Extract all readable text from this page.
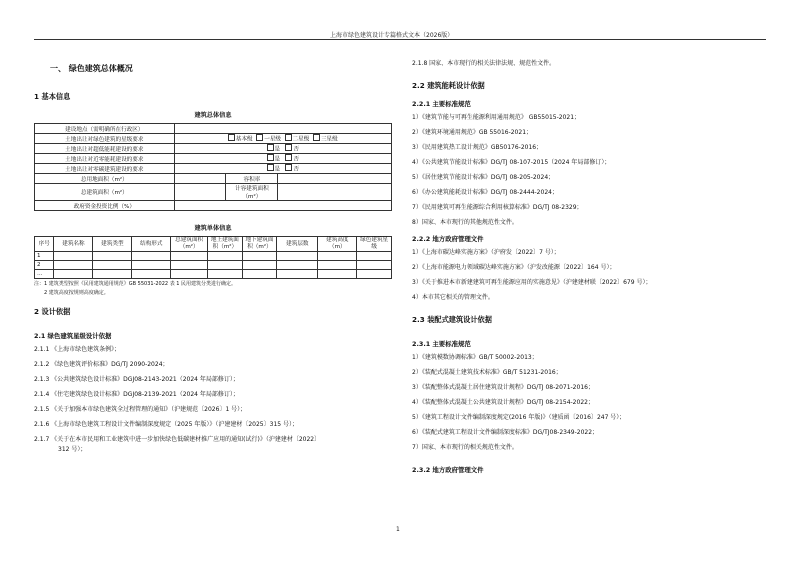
上海市绿色建筑设计专篇格式文本（2026版）
一、 绿色建筑总体概况
1 基本信息
建筑总体信息
建设地点（需明确所在行政区）			
土地出让对绿色建筑的星级要求	基本级 一星级 二星级 三星级		
土地出让对超低能耗建设的要求	是 否		
土地出让对近零能耗建设的要求	是 否		
土地出让对零碳建筑建设的要求	是 否		
总用地面积（m²）		容积率	
总建筑面积（m²）		计容建筑面积（m²）	
政府资金投资比例（%）			
建筑单体信息
序号	建筑名称	建筑类型	结构形式	总建筑面积（m²）	地上建筑面积（m²）	地下建筑面积（m²）	建筑层数	建筑高度（m）	绿色建筑星级
1									
2									
…									
注：1 建筑类型按照《民用建筑通用规范》GB 55031-2022 表 1 民用建筑分类进行确定。
2 建筑高度按规则高度确定。
2 设计依据
2.1 绿色建筑星级设计依据
2.1.1 《上海市绿色建筑条例》；
2.1.2 《绿色建筑评价标准》DG/TJ 2090-2024；
2.1.3 《公共建筑绿色设计标准》DGJ08-2143-2021（2024 年局部修订）；
2.1.4 《住宅建筑绿色设计标准》DGJ08-2139-2021（2024 年局部修订）；
2.1.5 《关于加强本市绿色建筑全过程管理的通知》（沪建规范〔2026〕1 号）；
2.1.6 《上海市绿色建筑工程设计文件编制深度规定（2025 年版）》（沪建建材〔2025〕315 号）；
2.1.7 《关于在本市民用和工业建筑中进一步加快绿色低碳建材推广应用的通知(试行)》（沪建建材〔2022〕
312 号）；
2.1.8 国家、本市现行的相关法律法规、规范性文件。
2.2 建筑能耗设计依据
2.2.1 主要标准规范
1）《建筑节能与可再生能源利用通用规范》 GB55015-2021；
2）《建筑环境通用规范》GB 55016-2021；
3）《民用建筑热工设计规范》GB50176-2016；
4）《公共建筑节能设计标准》DG/TJ 08-107-2015（2024 年局部修订）；
5）《居住建筑节能设计标准》DG/TJ 08-205-2024；
6）《办公建筑能耗设计标准》DG/TJ 08-2444-2024；
7）《民用建筑可再生能源综合利用核算标准》DG/TJ 08-2329；
8）国家、本市现行的其他规范性文件。
2.2.2 地方政府管理文件
1）《上海市碳达峰实施方案》（沪府发〔2022〕7 号）；
2）《上海市能源电力领域碳达峰实施方案》（沪发改能源〔2022〕164 号）；
3）《关于推进本市新建建筑可再生能源应用的实施意见》（沪建建材联〔2022〕679 号）；
4）本市其它相关的管理文件。
2.3 装配式建筑设计依据
2.3.1 主要标准规范
1）《建筑模数协调标准》GB/T 50002-2013；
2）《装配式混凝土建筑技术标准》GB/T 51231-2016；
3）《装配整体式混凝土居住建筑设计规程》DG/TJ 08-2071-2016；
4）《装配整体式混凝土公共建筑设计规程》DG/TJ 08-2154-2022；
5）《建筑工程设计文件编制深度规定(2016 年版)》（建质函〔2016〕247 号）；
6）《装配式建筑工程设计文件编制深度标准》DG/TJ08-2349-2022；
7）国家、本市现行的相关规范性文件。
2.3.2 地方政府管理文件
1
